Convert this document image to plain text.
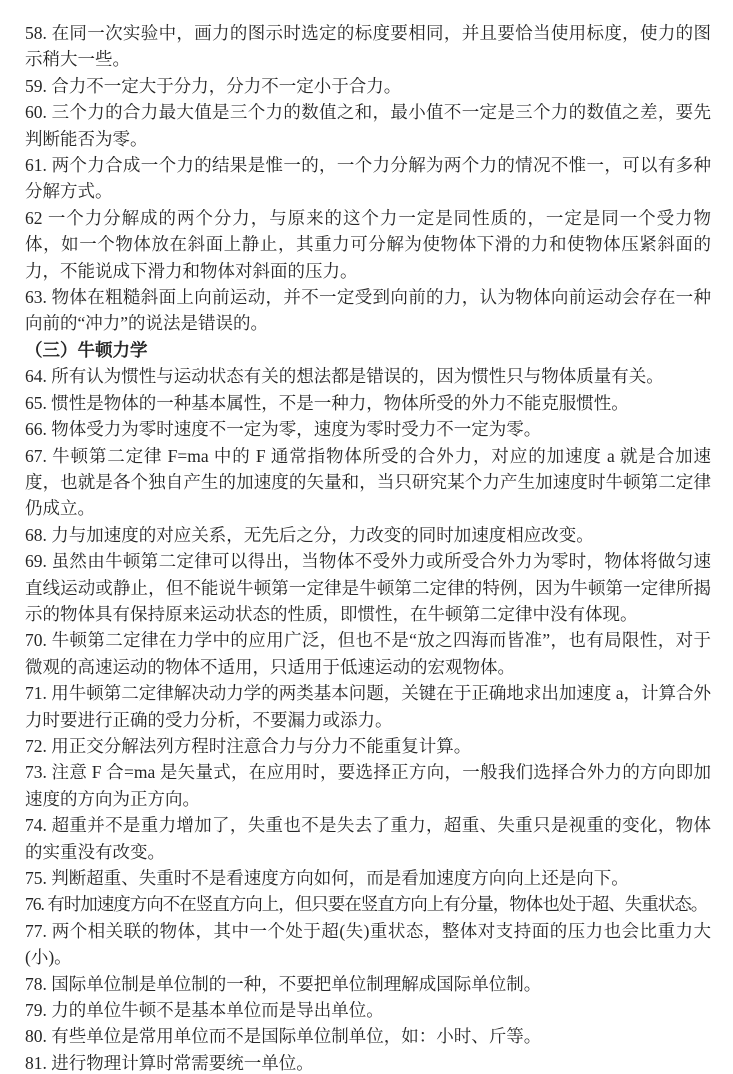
58. 在同一次实验中，画力的图示时选定的标度要相同，并且要恰当使用标度，使力的图示稍大一些。

59. 合力不一定大于分力，分力不一定小于合力。

60. 三个力的合力最大值是三个力的数值之和，最小值不一定是三个力的数值之差，要先判断能否为零。

61. 两个力合成一个力的结果是惟一的，一个力分解为两个力的情况不惟一，可以有多种分解方式。

62 一个力分解成的两个分力，与原来的这个力一定是同性质的，一定是同一个受力物体，如一个物体放在斜面上静止，其重力可分解为使物体下滑的力和使物体压紧斜面的力，不能说成下滑力和物体对斜面的压力。

63. 物体在粗糙斜面上向前运动，并不一定受到向前的力，认为物体向前运动会存在一种向前的“冲力”的说法是错误的。

（三）牛顿力学

64. 所有认为惯性与运动状态有关的想法都是错误的，因为惯性只与物体质量有关。

65. 惯性是物体的一种基本属性，不是一种力，物体所受的外力不能克服惯性。

66. 物体受力为零时速度不一定为零，速度为零时受力不一定为零。

67. 牛顿第二定律 F=ma 中的 F 通常指物体所受的合外力，对应的加速度 a 就是合加速度，也就是各个独自产生的加速度的矢量和，当只研究某个力产生加速度时牛顿第二定律仍成立。

68. 力与加速度的对应关系，无先后之分，力改变的同时加速度相应改变。

69. 虽然由牛顿第二定律可以得出，当物体不受外力或所受合外力为零时，物体将做匀速直线运动或静止，但不能说牛顿第一定律是牛顿第二定律的特例，因为牛顿第一定律所揭示的物体具有保持原来运动状态的性质，即惯性，在牛顿第二定律中没有体现。

70. 牛顿第二定律在力学中的应用广泛，但也不是“放之四海而皆准”，也有局限性，对于微观的高速运动的物体不适用，只适用于低速运动的宏观物体。

71. 用牛顿第二定律解决动力学的两类基本问题，关键在于正确地求出加速度 a，计算合外力时要进行正确的受力分析，不要漏力或添力。

72. 用正交分解法列方程时注意合力与分力不能重复计算。

73. 注意 F 合=ma 是矢量式，在应用时，要选择正方向，一般我们选择合外力的方向即加速度的方向为正方向。

74. 超重并不是重力增加了，失重也不是失去了重力，超重、失重只是视重的变化，物体的实重没有改变。

75. 判断超重、失重时不是看速度方向如何，而是看加速度方向向上还是向下。

76. 有时加速度方向不在竖直方向上，但只要在竖直方向上有分量，物体也处于超、失重状态。

77. 两个相关联的物体，其中一个处于超(失)重状态，整体对支持面的压力也会比重力大(小)。

78. 国际单位制是单位制的一种，不要把单位制理解成国际单位制。

79. 力的单位牛顿不是基本单位而是导出单位。

80. 有些单位是常用单位而不是国际单位制单位，如：小时、斤等。

81. 进行物理计算时常需要统一单位。
